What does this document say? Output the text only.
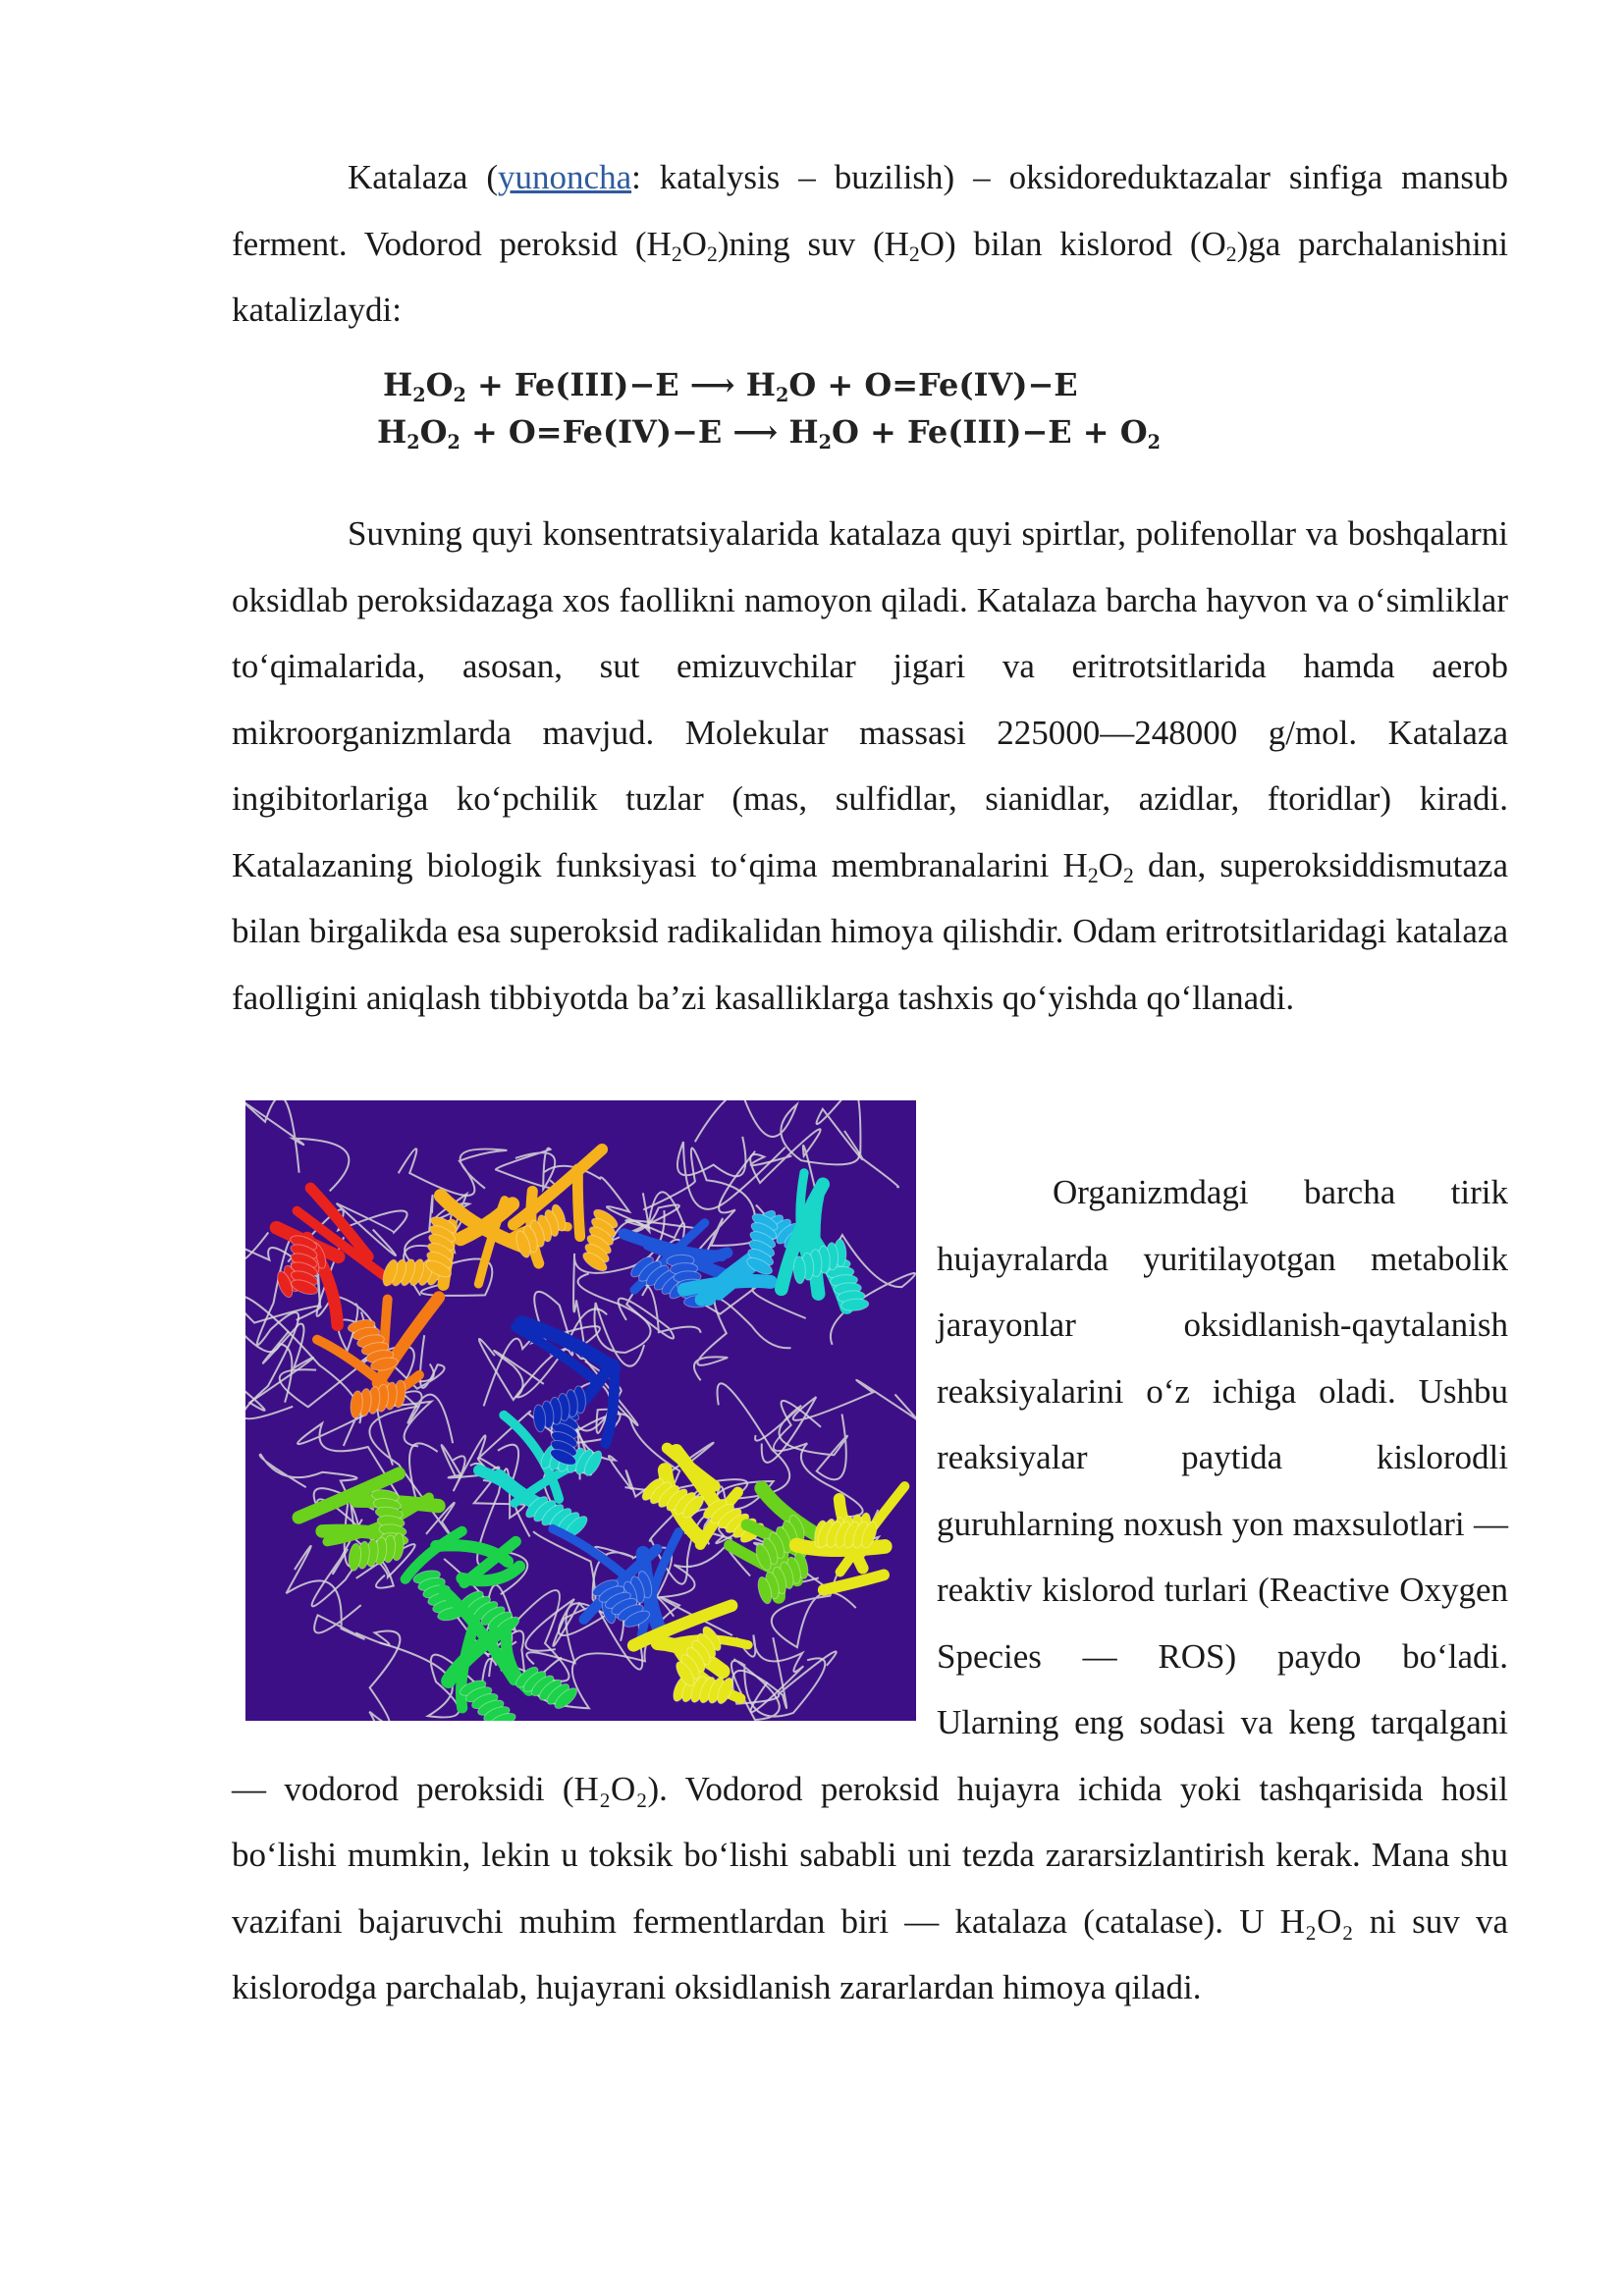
Katalaza (yunoncha: katalysis – buzilish) – oksidoreduktazalar sinfiga mansub ferment. Vodorod peroksid $(H_2O_2)ning$ suv $(H_2O)$ bilan kislorod $(O_2)ga$ parchalanishini katalizlaydi:

$H_2O_2 + Fe(III)-E$ ⟶ $H_2O + O=Fe(IV)-E$
$H_2O_2 + O=Fe(IV)-E$ ⟶ $H_2O + Fe(III)-E + O_2$

Suvning quyi konsentratsiyalarida katalaza quyi spirtlar, polifenollar va boshqalarni oksidlab peroksidazaga xos faollikni namoyon qiladi. Katalaza barcha hayvon va o‘simliklar to‘qimalarida, asosan, sut emizuvchilar jigari va eritrotsitlarida hamda aerob mikroorganizmlarda mavjud. Molekular massasi 225000—248000 g/mol. Katalaza ingibitorlariga ko‘pchilik tuzlar (mas, sulfidlar, sianidlar, azidlar, ftoridlar) kiradi. Katalazaning biologik funksiyasi to‘qima membranalarini $H_2O_2$ dan, superoksiddismutaza bilan birgalikda esa superoksid radikalidan himoya qilishdir. Odam eritrotsitlaridagi katalaza faolligini aniqlash tibbiyotda ba’zi kasalliklarga tashxis qo‘yishda qo‘llanadi.

Organizmdagi barcha tirik hujayralarda yuritilayotgan metabolik jarayonlar oksidlanish-qaytalanish reaksiyalarini o‘z ichiga oladi. Ushbu reaksiyalar paytida kislorodli guruhlarning noxush yon maxsulotlari — reaktiv kislorod turlari (Reactive Oxygen Species — ROS) paydo bo‘ladi. Ularning eng sodasi va keng tarqalgani — vodorod peroksidi (H₂O₂). Vodorod peroksid hujayra ichida yoki tashqarisida hosil bo‘lishi mumkin, lekin u toksik bo‘lishi sababli uni tezda zararsizlantirish kerak. Mana shu vazifani bajaruvchi muhim fermentlardan biri — katalaza (catalase). U H₂O₂ ni suv va kislorodga parchalab, hujayrani oksidlanish zararlardan himoya qiladi.
